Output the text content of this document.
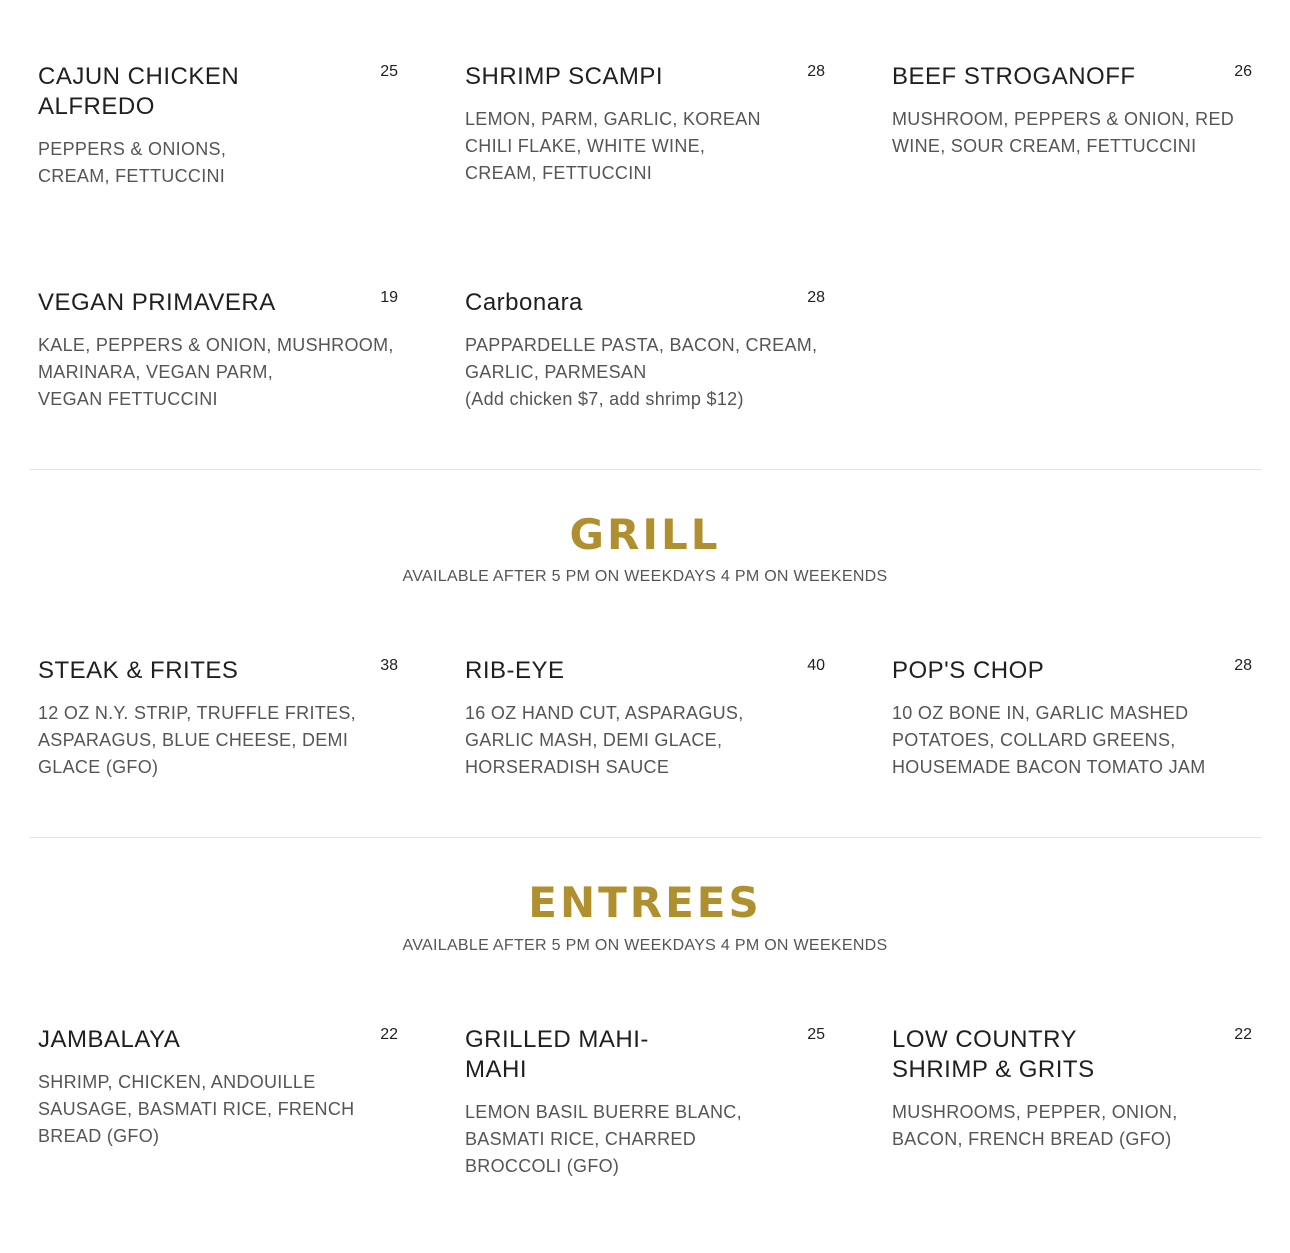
CAJUN CHICKEN ALFREDO
25
PEPPERS & ONIONS,
CREAM, FETTUCCINI
SHRIMP SCAMPI	28
LEMON, PARM, GARLIC, KOREAN
CHILI FLAKE, WHITE WINE,
CREAM, FETTUCCINI
BEEF STROGANOFF	26
MUSHROOM, PEPPERS & ONION, RED
WINE, SOUR CREAM, FETTUCCINI
VEGAN PRIMAVERA	19
KALE, PEPPERS & ONION, MUSHROOM,
MARINARA, VEGAN PARM,
VEGAN FETTUCCINI
Carbonara	28
PAPPARDELLE PASTA, BACON, CREAM,
GARLIC, PARMESAN
(Add chicken $7, add shrimp $12)
GRILL
AVAILABLE AFTER 5 PM ON WEEKDAYS 4 PM ON WEEKENDS
STEAK & FRITES	38
12 OZ N.Y. STRIP, TRUFFLE FRITES,
ASPARAGUS, BLUE CHEESE, DEMI
GLACE (GFO)
RIB-EYE	40
16 OZ HAND CUT, ASPARAGUS,
GARLIC MASH, DEMI GLACE,
HORSERADISH SAUCE
POP'S CHOP	28
10 OZ BONE IN, GARLIC MASHED
POTATOES, COLLARD GREENS,
HOUSEMADE BACON TOMATO JAM
ENTREES
AVAILABLE AFTER 5 PM ON WEEKDAYS 4 PM ON WEEKENDS
JAMBALAYA	22
SHRIMP, CHICKEN, ANDOUILLE
SAUSAGE, BASMATI RICE, FRENCH
BREAD (GFO)
GRILLED MAHI-MAHI
25
LEMON BASIL BUERRE BLANC,
BASMATI RICE, CHARRED
BROCCOLI (GFO)
LOW COUNTRY SHRIMP & GRITS
22
MUSHROOMS, PEPPER, ONION,
BACON, FRENCH BREAD (GFO)
